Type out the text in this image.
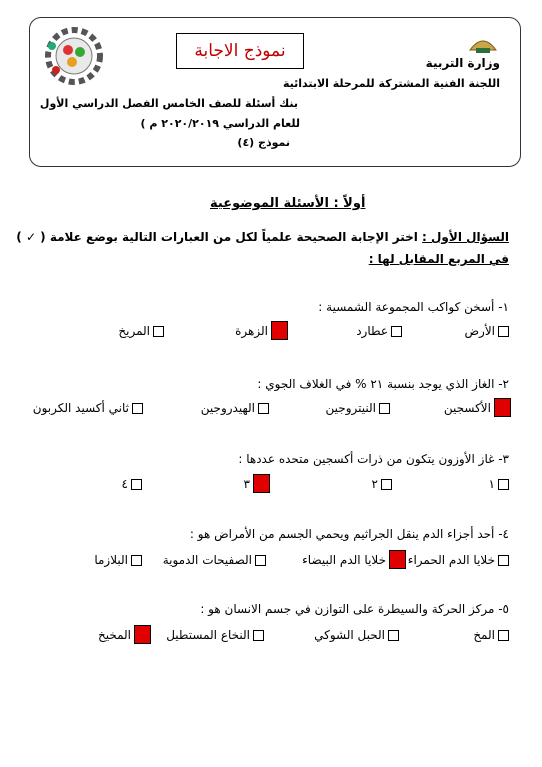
نموذج الاجابة
وزارة التربية
اللجنة الفنية المشتركة للمرحلة الابتدائية
بنك أسئلة للصف الخامس الفصل الدراسي الأول
للعام الدراسي ٢٠٢٠/٢٠١٩ م )
نموذج (٤)
أولاً : الأسئلة الموضوعية
السؤال الأول : اختر الإجابة الصحيحة علمياً لكل من العبارات التالية بوضع علامة ( ✓ )
في المربع المقابل لها :
١- أسخن كواكب المجموعة الشمسية :
الأرض
عطارد
الزهرة
المريخ
٢- الغاز الذي يوجد بنسبة ٢١ % في الغلاف الجوي :
الأكسجين
النيتروجين
الهيدروجين
ثاني أكسيد الكربون
٣- غاز الأوزون يتكون من ذرات أكسجين متحده عددها :
١
٢
٣
٤
٤- أحد أجزاء الدم ينقل الجراثيم ويحمي الجسم من الأمراض هو :
خلايا الدم الحمراء
خلايا الدم البيضاء
الصفيحات الدموية
البلازما
٥- مركز الحركة والسيطرة على التوازن في جسم الانسان هو :
المخ
الحبل الشوكي
النخاع المستطيل
المخيخ
